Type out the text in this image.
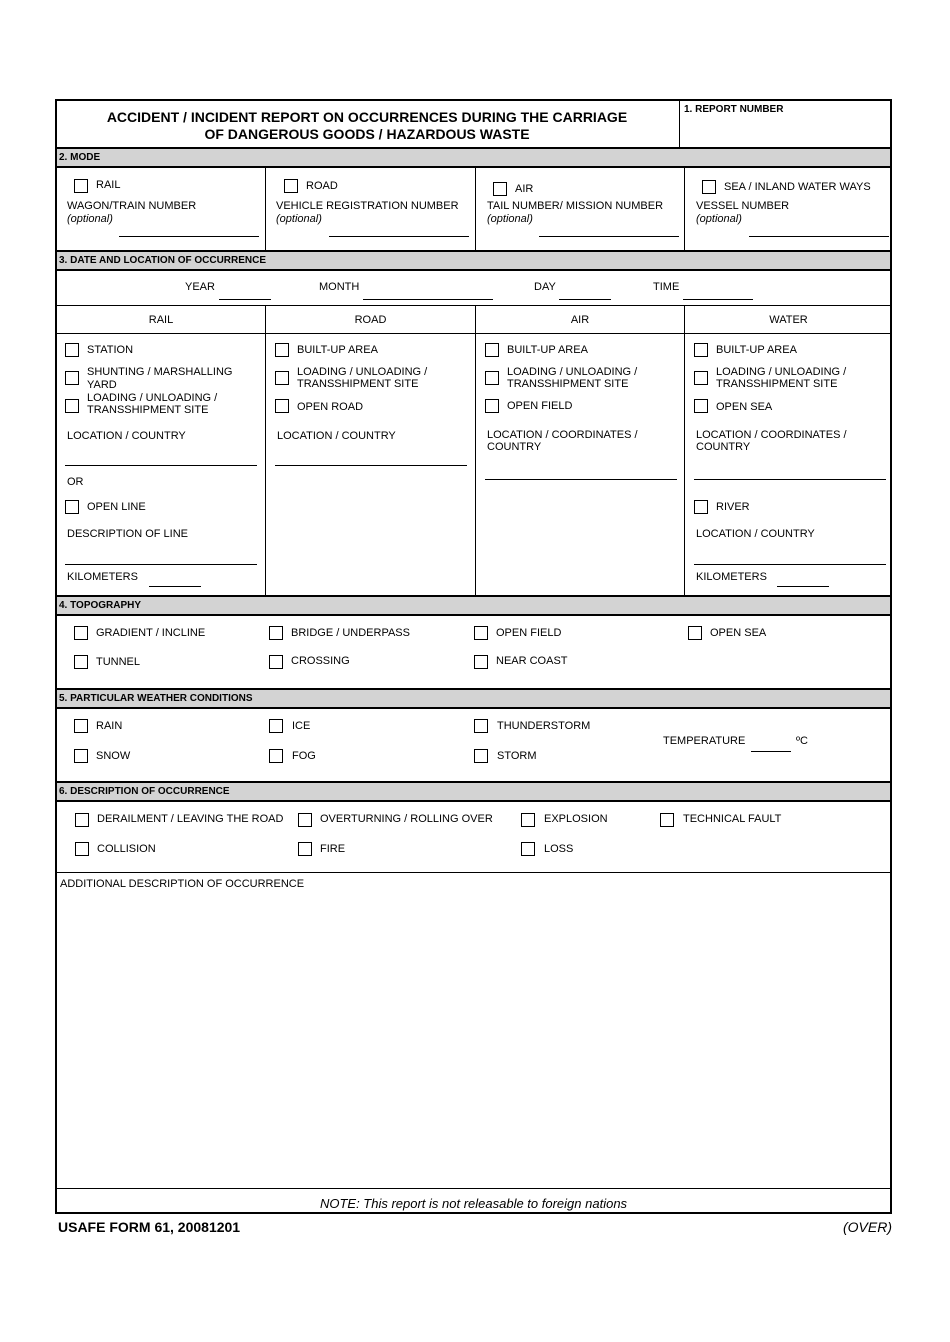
ACCIDENT / INCIDENT REPORT ON OCCURRENCES DURING THE CARRIAGE
OF DANGEROUS GOODS / HAZARDOUS WASTE
1. REPORT NUMBER
2. MODE
RAIL
WAGON/TRAIN NUMBER
(optional)
ROAD
VEHICLE REGISTRATION NUMBER
(optional)
AIR
TAIL NUMBER/ MISSION NUMBER
(optional)
SEA / INLAND WATER WAYS
VESSEL NUMBER
(optional)
3. DATE AND LOCATION OF OCCURRENCE
YEAR	MONTH	DAY	TIME
RAIL	ROAD	AIR	WATER
STATION
SHUNTING / MARSHALLING
YARD
LOADING / UNLOADING /
TRANSSHIPMENT SITE
LOCATION / COUNTRY
OR
OPEN LINE
DESCRIPTION OF LINE
KILOMETERS
BUILT-UP AREA
LOADING / UNLOADING /
TRANSSHIPMENT SITE
OPEN ROAD
LOCATION / COUNTRY
BUILT-UP AREA
LOADING / UNLOADING /
TRANSSHIPMENT SITE
OPEN FIELD
LOCATION / COORDINATES /
COUNTRY
BUILT-UP AREA
LOADING / UNLOADING /
TRANSSHIPMENT SITE
OPEN SEA
LOCATION / COORDINATES /
COUNTRY
RIVER
LOCATION / COUNTRY
KILOMETERS
4. TOPOGRAPHY
GRADIENT / INCLINE	BRIDGE / UNDERPASS	OPEN FIELD	OPEN SEA
TUNNEL	CROSSING	NEAR COAST
5. PARTICULAR WEATHER CONDITIONS
RAIN	ICE	THUNDERSTORM
SNOW	FOG	STORM
TEMPERATURE	ºC
6. DESCRIPTION OF OCCURRENCE
DERAILMENT / LEAVING THE ROAD	OVERTURNING / ROLLING OVER	EXPLOSION	TECHNICAL FAULT
COLLISION	FIRE	LOSS
ADDITIONAL DESCRIPTION OF OCCURRENCE
NOTE: This report is not releasable to foreign nations
USAFE FORM 61, 20081201	(OVER)
